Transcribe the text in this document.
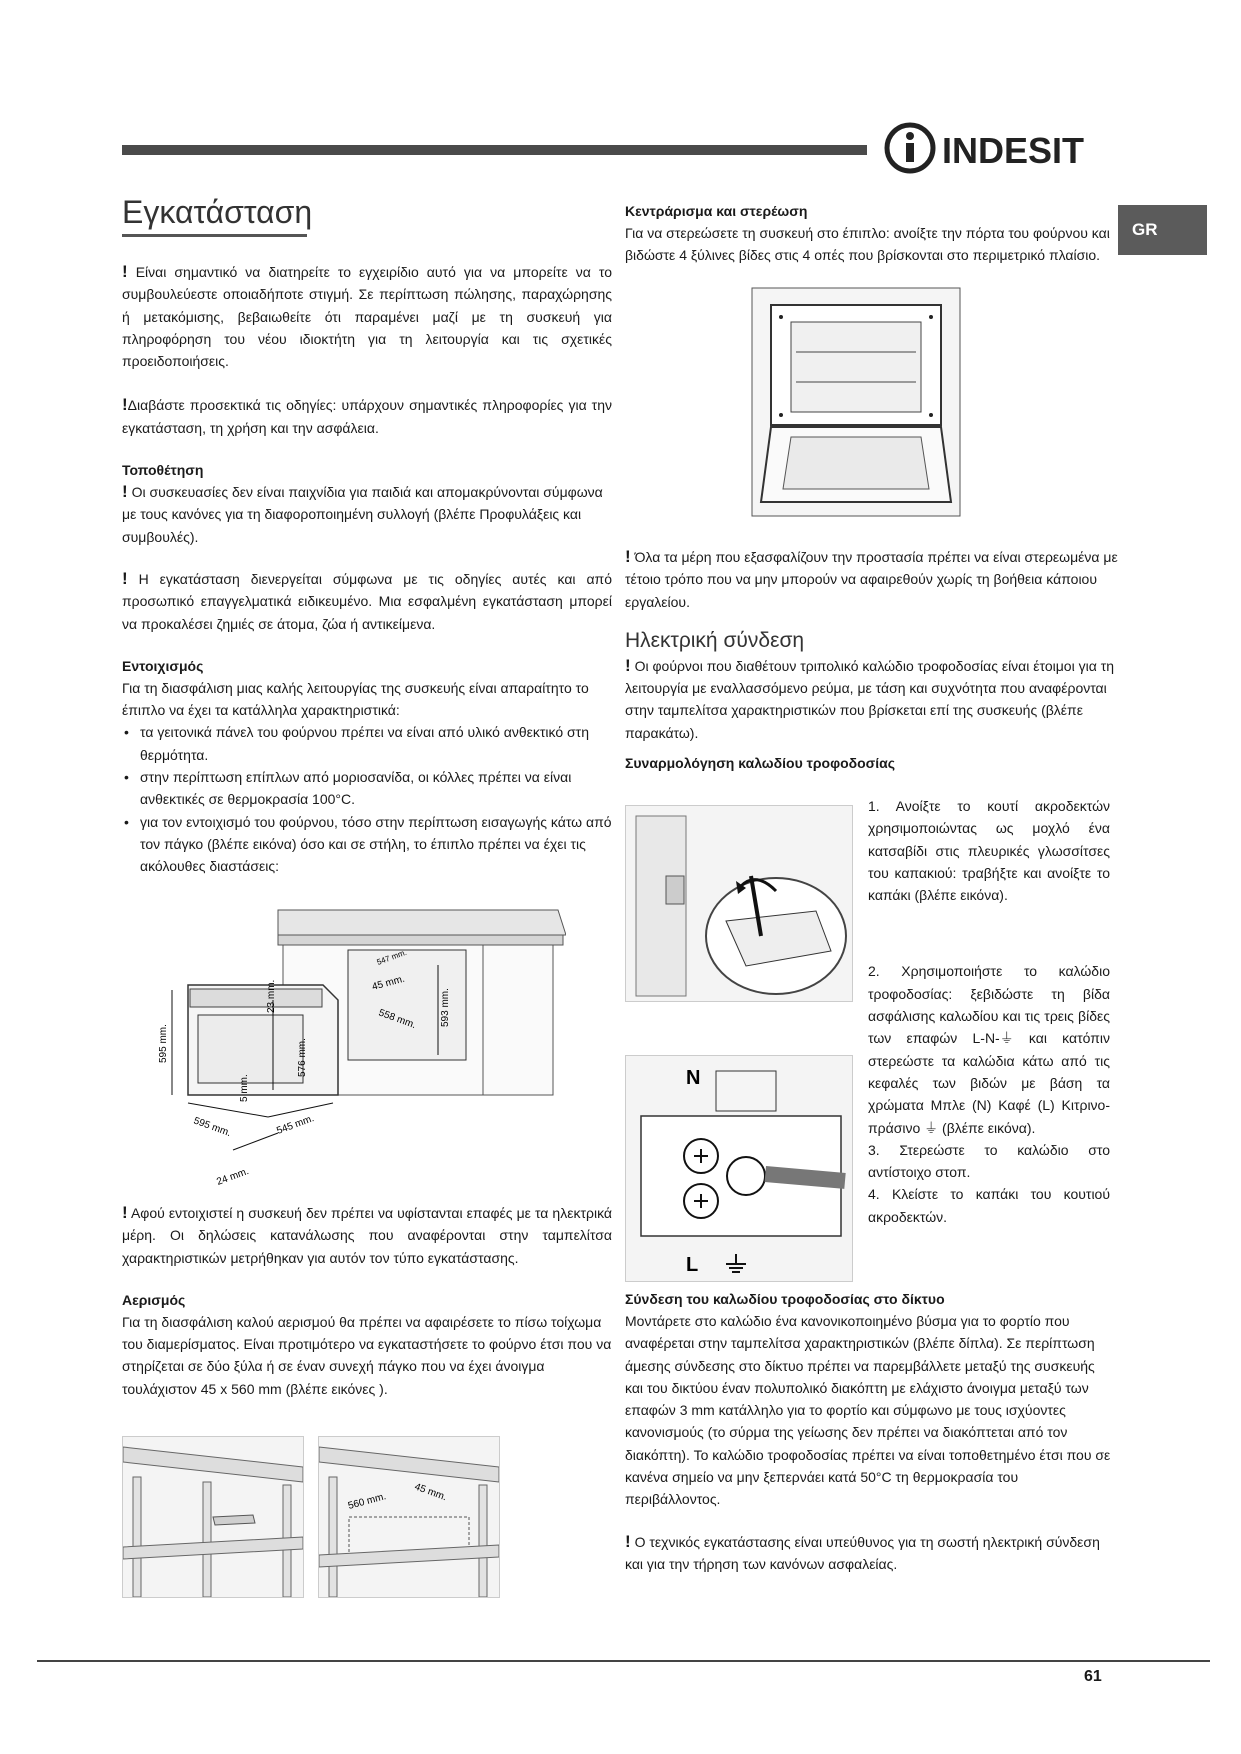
INDESIT
GR
Εγκατάσταση

! Είναι σημαντικό να διατηρείτε το εγχειρίδιο αυτό για να μπορείτε να το συμβουλεύεστε οποιαδήποτε στιγμή. Σε περίπτωση πώλησης, παραχώρησης ή μετακόμισης, βεβαιωθείτε ότι παραμένει μαζί με τη συσκευή για πληροφόρηση του νέου ιδιοκτήτη για τη λειτουργία και τις σχετικές προειδοποιήσεις.

!Διαβάστε προσεκτικά τις οδηγίες: υπάρχουν σημαντικές πληροφορίες για την εγκατάσταση, τη χρήση και την ασφάλεια.

Τοποθέτηση

! Οι συσκευασίες δεν είναι παιχνίδια για παιδιά και απομακρύνονται σύμφωνα με τους κανόνες για τη διαφοροποιημένη συλλογή (βλέπε Προφυλάξεις και συμβουλές).

! Η εγκατάσταση διενεργείται σύμφωνα με τις οδηγίες αυτές και από προσωπικό επαγγελματικά ειδικευμένο. Μια εσφαλμένη εγκατάσταση μπορεί να προκαλέσει ζημιές σε άτομα, ζώα ή αντικείμενα.

Εντοιχισμός

Για τη διασφάλιση μιας καλής λειτουργίας της συσκευής είναι απαραίτητο το έπιπλο να έχει τα κατάλληλα χαρακτηριστικά:

• τα γειτονικά πάνελ του φούρνου πρέπει να είναι από υλικό ανθεκτικό στη θερμότητα.
• στην περίπτωση επίπλων από μοριοσανίδα, οι κόλλες πρέπει να είναι ανθεκτικές σε θερμοκρασία 100°C.
• για τον εντοιχισμό του φούρνου, τόσο στην περίπτωση εισαγωγής κάτω από τον πάγκο (βλέπε εικόνα) όσο και σε στήλη, το έπιπλο πρέπει να έχει τις ακόλουθες διαστάσεις:
547 mm.
45 mm.
558 mm. 593 mm.
23 mm.
595 mm.	576 mm.
5 mm.
595 mm.	545 mm.
24 mm.

! Αφού εντοιχιστεί η συσκευή δεν πρέπει να υφίστανται επαφές με τα ηλεκτρικά μέρη. Οι δηλώσεις κατανάλωσης που αναφέρονται στην ταμπελίτσα χαρακτηριστικών μετρήθηκαν για αυτόν τον τύπο εγκατάστασης.

Αερισμός

Για τη διασφάλιση καλού αερισμού θα πρέπει να αφαιρέσετε το πίσω τοίχωμα του διαμερίσματος. Είναι προτιμότερο να εγκαταστήσετε το φούρνο έτσι που να στηρίζεται σε δύο ξύλα ή σε έναν συνεχή πάγκο που να έχει άνοιγμα τουλάχιστον 45 x 560 mm (βλέπε εικόνες ).

560 mm.	45 mm.

Κεντράρισμα και στερέωση

Για να στερεώσετε τη συσκευή στο έπιπλο: ανοίξτε την πόρτα του φούρνου και βιδώστε 4 ξύλινες βίδες στις 4 οπές που βρίσκονται στο περιμετρικό πλαίσιο.

! Όλα τα μέρη που εξασφαλίζουν την προστασία πρέπει να είναι στερεωμένα με τέτοιο τρόπο που να μην μπορούν να αφαιρεθούν χωρίς τη βοήθεια κάποιου εργαλείου.

Ηλεκτρική σύνδεση

! Οι φούρνοι που διαθέτουν τριπολικό καλώδιο τροφοδοσίας είναι έτοιμοι για τη λειτουργία με εναλλασσόμενο ρεύμα, με τάση και συχνότητα που αναφέρονται στην ταμπελίτσα χαρακτηριστικών που βρίσκεται επί της συσκευής (βλέπε παρακάτω).

Συναρμολόγηση καλωδίου τροφοδοσίας

N
L

1. Ανοίξτε το κουτί ακροδεκτών χρησιμοποιώντας ως μοχλό ένα κατσαβίδι στις πλευρικές γλωσσίτσες του καπακιού: τραβήξτε και ανοίξτε το καπάκι (βλέπε εικόνα).

2. Χρησιμοποιήστε το καλώδιο τροφοδοσίας: ξεβιδώστε τη βίδα ασφάλισης καλωδίου και τις τρεις βίδες των επαφών L-N-⏚ και κατόπιν στερεώστε τα καλώδια κάτω από τις κεφαλές των βιδών με βάση τα χρώματα Μπλε (N) Καφέ (L) Κιτρινο-πράσινο ⏚ (βλέπε εικόνα).

3. Στερεώστε το καλώδιο στο αντίστοιχο στοπ.

4. Κλείστε το καπάκι του κουτιού ακροδεκτών.

Σύνδεση του καλωδίου τροφοδοσίας στο δίκτυο

Μοντάρετε στο καλώδιο ένα κανονικοποιημένο βύσμα για το φορτίο που αναφέρεται στην ταμπελίτσα χαρακτηριστικών (βλέπε δίπλα). Σε περίπτωση άμεσης σύνδεσης στο δίκτυο πρέπει να παρεμβάλλετε μεταξύ της συσκευής και του δικτύου έναν πολυπολικό διακόπτη με ελάχιστο άνοιγμα μεταξύ των επαφών 3 mm κατάλληλο για το φορτίο και σύμφωνο με τους ισχύοντες κανονισμούς (το σύρμα της γείωσης δεν πρέπει να διακόπτεται από τον διακόπτη). Το καλώδιο τροφοδοσίας πρέπει να είναι τοποθετημένο έτσι που σε κανένα σημείο να μην ξεπερνάει κατά 50°C τη θερμοκρασία του περιβάλλοντος.

! Ο τεχνικός εγκατάστασης είναι υπεύθυνος για τη σωστή ηλεκτρική σύνδεση και για την τήρηση των κανόνων ασφαλείας.

61
